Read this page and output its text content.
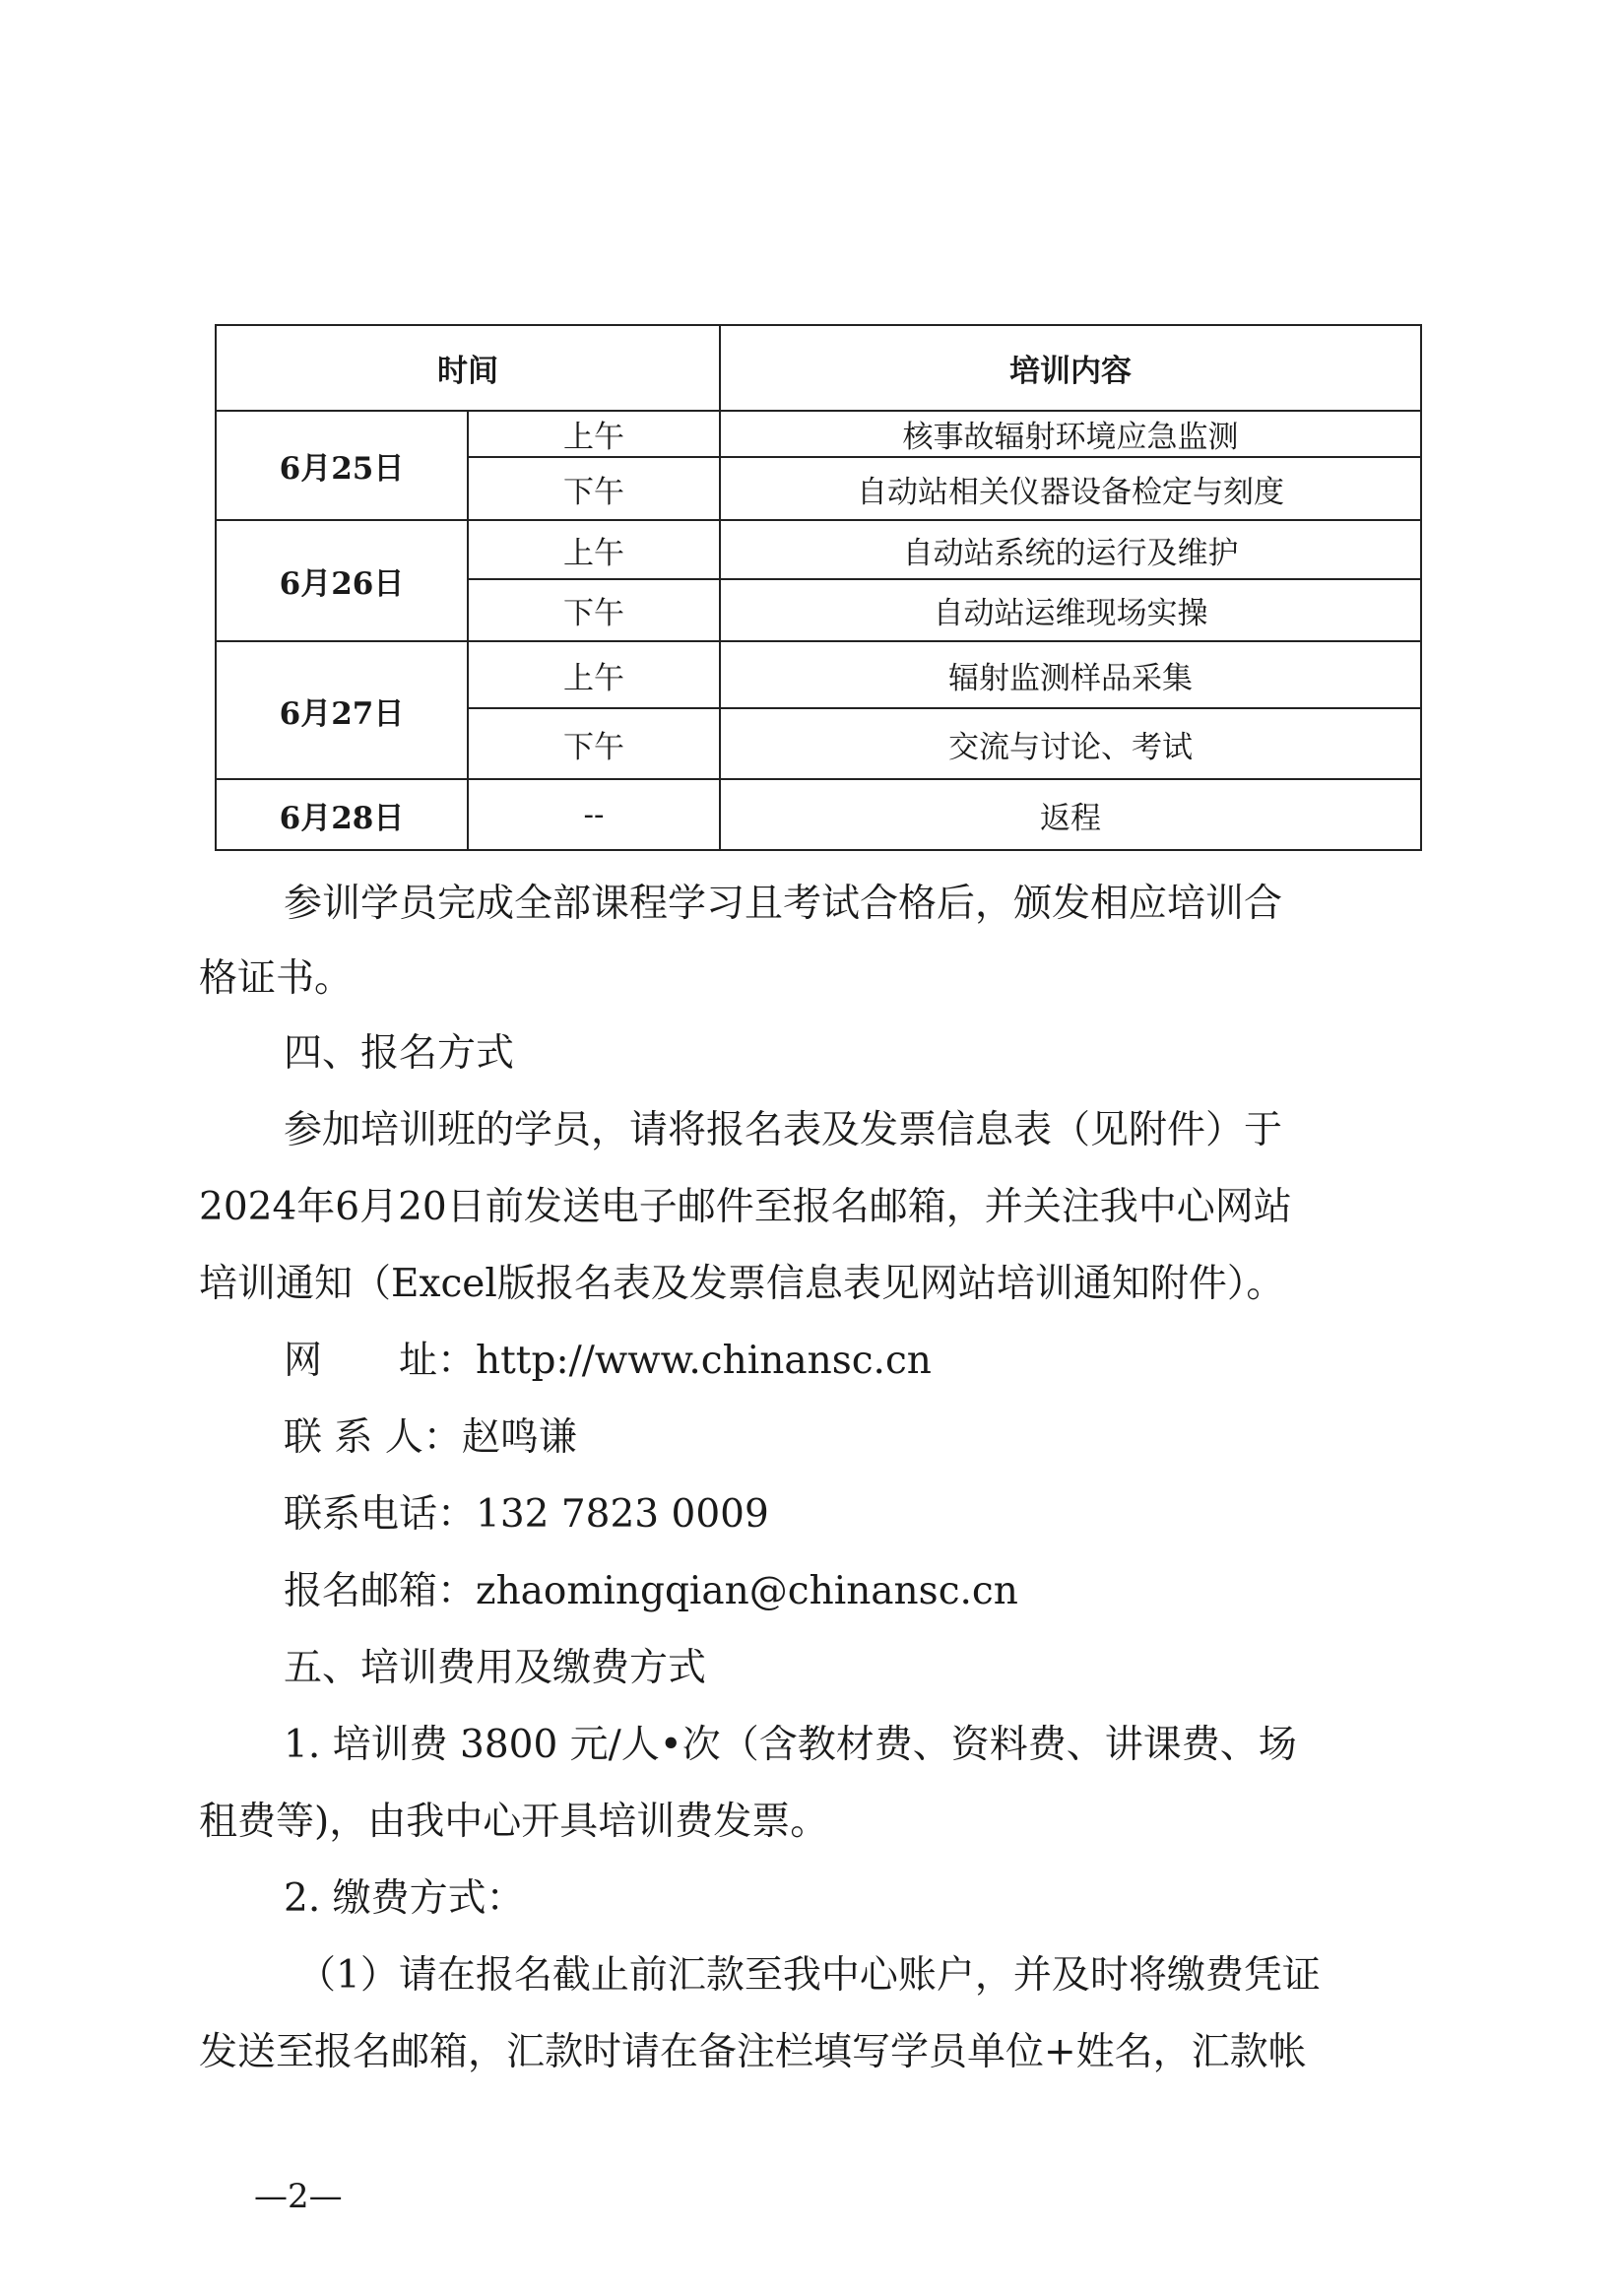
时间		培训内容
6月25日	上午	核事故辐射环境应急监测
	下午	自动站相关仪器设备检定与刻度
6月26日	上午	自动站系统的运行及维护
	下午	自动站运维现场实操
6月27日	上午	辐射监测样品采集
	下午	交流与讨论、考试
6月28日	--	返程
参训学员完成全部课程学习且考试合格后，颁发相应培训合
格证书。
四、报名方式
参加培训班的学员，请将报名表及发票信息表（见附件）于
2024年6月20日前发送电子邮件至报名邮箱，并关注我中心网站
培训通知（Excel版报名表及发票信息表见网站培训通知附件）。
网　　址：http://www.chinansc.cn
联 系 人：赵鸣谦
联系电话：132 7823 0009
报名邮箱：zhaomingqian@chinansc.cn
五、培训费用及缴费方式
1. 培训费 3800 元/人•次（含教材费、资料费、讲课费、场
租费等)，由我中心开具培训费发票。
2. 缴费方式：
（1）请在报名截止前汇款至我中心账户，并及时将缴费凭证
发送至报名邮箱，汇款时请在备注栏填写学员单位+姓名，汇款帐
—2—
